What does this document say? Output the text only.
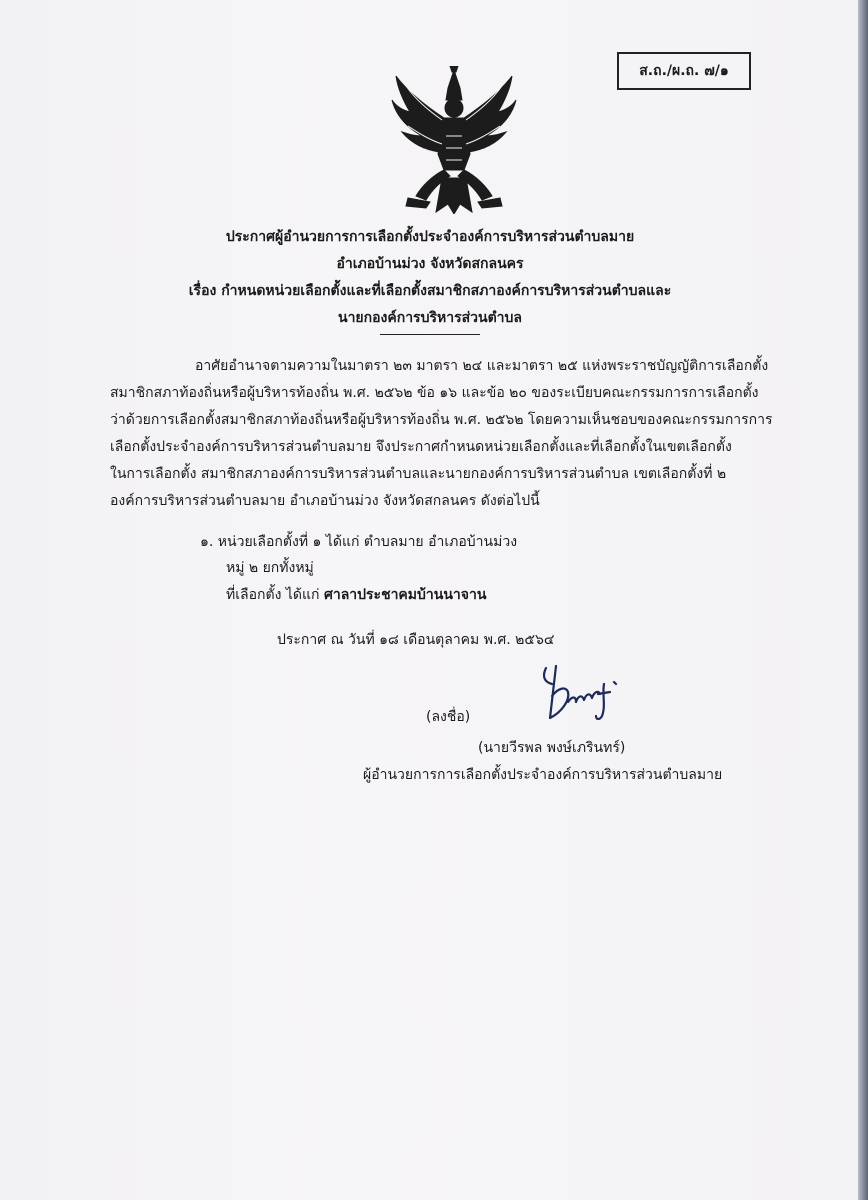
ส.ถ./ผ.ถ. ๗/๑
ประกาศผู้อำนวยการการเลือกตั้งประจำองค์การบริหารส่วนตำบลมาย
อำเภอบ้านม่วง จังหวัดสกลนคร
เรื่อง กำหนดหน่วยเลือกตั้งและที่เลือกตั้งสมาชิกสภาองค์การบริหารส่วนตำบลและ
นายกองค์การบริหารส่วนตำบล
อาศัยอำนาจตามความในมาตรา ๒๓ มาตรา ๒๔ และมาตรา ๒๕ แห่งพระราชบัญญัติการเลือกตั้ง
สมาชิกสภาท้องถิ่นหรือผู้บริหารท้องถิ่น พ.ศ. ๒๕๖๒ ข้อ ๑๖ และข้อ ๒๐ ของระเบียบคณะกรรมการการเลือกตั้ง
ว่าด้วยการเลือกตั้งสมาชิกสภาท้องถิ่นหรือผู้บริหารท้องถิ่น พ.ศ. ๒๕๖๒ โดยความเห็นชอบของคณะกรรมการการ
เลือกตั้งประจำองค์การบริหารส่วนตำบลมาย จึงประกาศกำหนดหน่วยเลือกตั้งและที่เลือกตั้งในเขตเลือกตั้ง
ในการเลือกตั้ง สมาชิกสภาองค์การบริหารส่วนตำบลและนายกองค์การบริหารส่วนตำบล เขตเลือกตั้งที่ ๒
องค์การบริหารส่วนตำบลมาย อำเภอบ้านม่วง จังหวัดสกลนคร ดังต่อไปนี้
๑. หน่วยเลือกตั้งที่ ๑ ได้แก่ ตำบลมาย อำเภอบ้านม่วง
หมู่ ๒ ยกทั้งหมู่
ที่เลือกตั้ง ได้แก่ ศาลาประชาคมบ้านนาจาน
ประกาศ ณ วันที่ ๑๘ เดือนตุลาคม พ.ศ. ๒๕๖๔
(ลงชื่อ)
(นายวีรพล พงษ์เภรินทร์)
ผู้อำนวยการการเลือกตั้งประจำองค์การบริหารส่วนตำบลมาย
